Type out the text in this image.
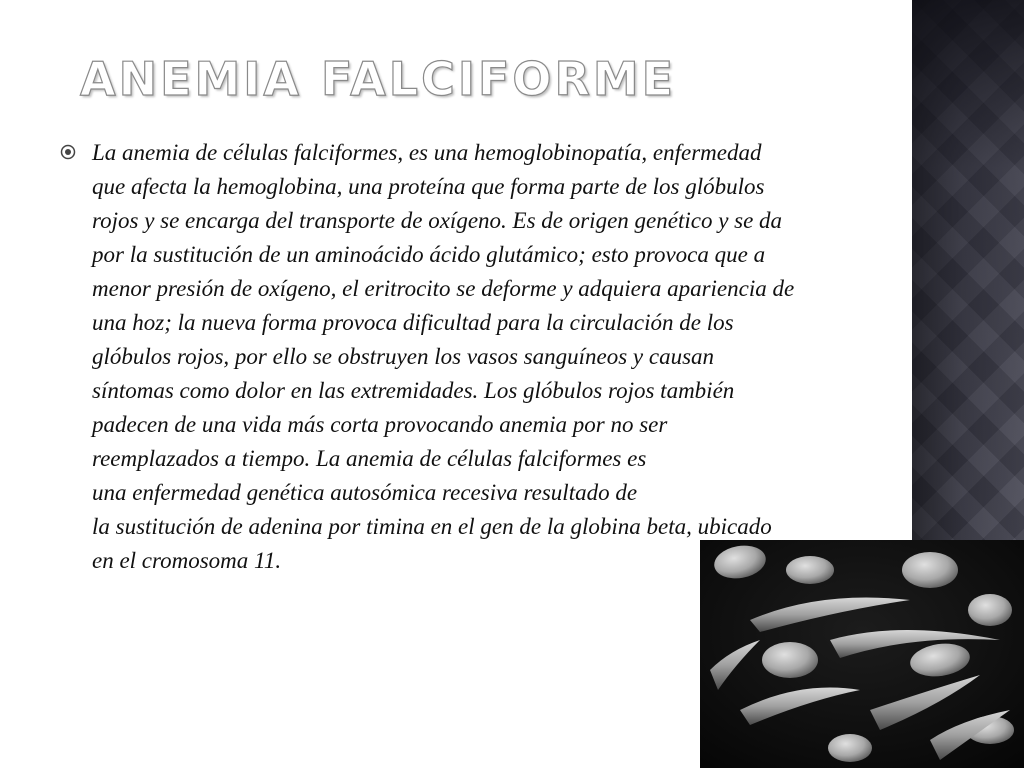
ANEMIA FALCIFORME

La anemia de células falciformes, es una hemoglobinopatía, enfermedad
que afecta la hemoglobina, una proteína que forma parte de los glóbulos
rojos y se encarga del transporte de oxígeno. Es de origen genético y se da
por la sustitución de un aminoácido ácido glutámico; esto provoca que a
menor presión de oxígeno, el eritrocito se deforme y adquiera apariencia de
una hoz; la nueva forma provoca dificultad para la circulación de los
glóbulos rojos, por ello se obstruyen los vasos sanguíneos y causan
síntomas como dolor en las extremidades. Los glóbulos rojos también
padecen de una vida más corta provocando anemia por no ser
reemplazados a tiempo. La anemia de células falciformes es
una enfermedad genética autosómica recesiva resultado de
la sustitución de adenina por timina en el gen de la globina beta, ubicado
en el cromosoma 11.
